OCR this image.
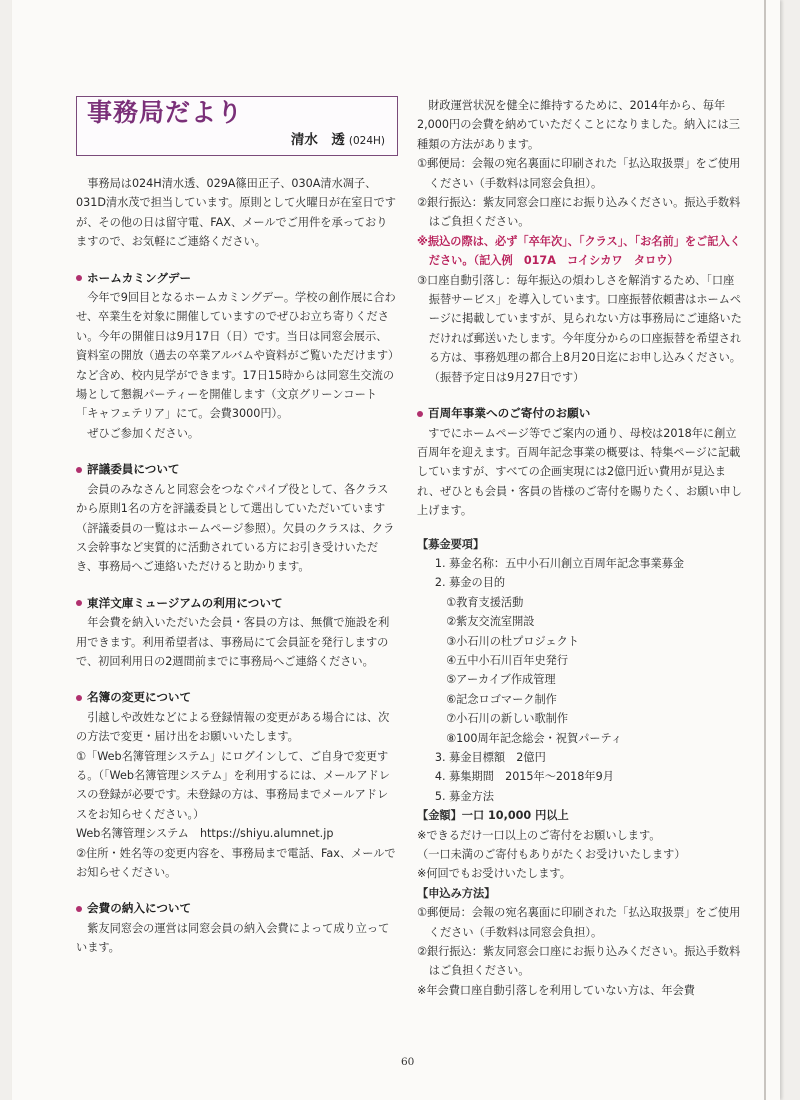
事務局だより
清水　透 (024H)

事務局は024H清水透、029A篠田正子、030A清水凋子、031D清水茂で担当しています。原則として火曜日が在室日ですが、その他の日は留守電、FAX、メールでご用件を承っておりますので、お気軽にご連絡ください。

ホームカミングデー

今年で9回目となるホームカミングデー。学校の創作展に合わせ、卒業生を対象に開催していますのでぜひお立ち寄りください。今年の開催日は9月17日（日）です。当日は同窓会展示、資料室の開放（過去の卒業アルバムや資料がご覧いただけます）など含め、校内見学ができます。17日15時からは同窓生交流の場として懇親パーティーを開催します（文京グリーンコート「キャフェテリア」にて。会費3000円）。

ぜひご参加ください。

評議委員について

会員のみなさんと同窓会をつなぐパイプ役として、各クラスから原則1名の方を評議委員として選出していただいています（評議委員の一覧はホームページ参照）。欠員のクラスは、クラス会幹事など実質的に活動されている方にお引き受けいただき、事務局へご連絡いただけると助かります。

東洋文庫ミュージアムの利用について

年会費を納入いただいた会員・客員の方は、無償で施設を利用できます。利用希望者は、事務局にて会員証を発行しますので、初回利用日の2週間前までに事務局へご連絡ください。

名簿の変更について

引越しや改姓などによる登録情報の変更がある場合には、次の方法で変更・届け出をお願いいたします。

①「Web名簿管理システム」にログインして、ご自身で変更する。（「Web名簿管理システム」を利用するには、メールアドレスの登録が必要です。未登録の方は、事務局までメールアドレスをお知らせください。）

Web名簿管理システム　https://shiyu.alumnet.jp

②住所・姓名等の変更内容を、事務局まで電話、Fax、メールでお知らせください。

会費の納入について

紫友同窓会の運営は同窓会員の納入会費によって成り立っています。

財政運営状況を健全に維持するために、2014年から、毎年2,000円の会費を納めていただくことになりました。納入には三種類の方法があります。

①郵便局：会報の宛名裏面に印刷された「払込取扱票」をご使用ください（手数料は同窓会負担）。

②銀行振込：紫友同窓会口座にお振り込みください。振込手数料はご負担ください。

※振込の際は、必ず「卒年次」、「クラス」、「お名前」をご記入ください。（記入例　017A　コイシカワ　タロウ）

③口座自動引落し：毎年振込の煩わしさを解消するため、「口座振替サービス」を導入しています。口座振替依頼書はホームページに掲載していますが、見られない方は事務局にご連絡いただければ郵送いたします。今年度分からの口座振替を希望される方は、事務処理の都合上8月20日迄にお申し込みください。（振替予定日は9月27日です）

百周年事業へのご寄付のお願い

すでにホームページ等でご案内の通り、母校は2018年に創立百周年を迎えます。百周年記念事業の概要は、特集ページに記載していますが、すべての企画実現には2億円近い費用が見込まれ、ぜひとも会員・客員の皆様のご寄付を賜りたく、お願い申し上げます。

【募金要項】

1. 募金名称：五中小石川創立百周年記念事業募金

2. 募金の目的

①教育支援活動

②紫友交流室開設

③小石川の杜プロジェクト

④五中小石川百年史発行

⑤アーカイブ作成管理

⑥記念ロゴマーク制作

⑦小石川の新しい歌制作

⑧100周年記念総会・祝賀パーティ

3. 募金目標額　2億円

4. 募集期間　2015年～2018年9月

5. 募金方法

【金額】一口 10,000 円以上

※できるだけ一口以上のご寄付をお願いします。

（一口未満のご寄付もありがたくお受けいたします）

※何回でもお受けいたします。

【申込み方法】

①郵便局：会報の宛名裏面に印刷された「払込取扱票」をご使用ください（手数料は同窓会負担）。

②銀行振込：紫友同窓会口座にお振り込みください。振込手数料はご負担ください。

※年会費口座自動引落しを利用していない方は、年会費

60
